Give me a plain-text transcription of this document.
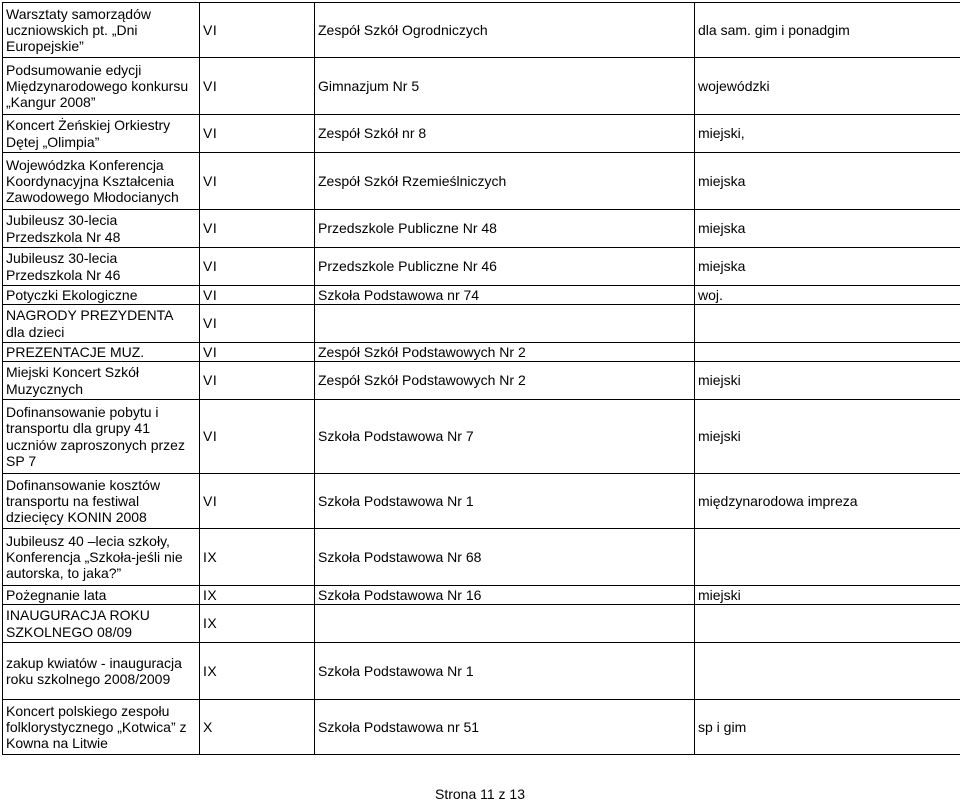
Warsztaty samorządów
uczniowskich pt. „Dni
Europejskie”	VI	Zespół Szkół Ogrodniczych	dla sam. gim i ponadgim
Podsumowanie edycji
Międzynarodowego konkursu
„Kangur 2008”	VI	Gimnazjum Nr 5	wojewódzki
Koncert Żeńskiej Orkiestry
Dętej „Olimpia”	VI	Zespół Szkół nr 8	miejski,
Wojewódzka Konferencja
Koordynacyjna Kształcenia
Zawodowego Młodocianych	VI	Zespół Szkół Rzemieślniczych	miejska
Jubileusz 30-lecia
Przedszkola Nr 48	VI	Przedszkole Publiczne Nr 48	miejska
Jubileusz 30-lecia
Przedszkola Nr 46	VI	Przedszkole Publiczne Nr 46	miejska
Potyczki Ekologiczne	VI	Szkoła Podstawowa nr 74	woj.
NAGRODY PREZYDENTA
dla dzieci	VI		
PREZENTACJE MUZ.	VI	Zespół Szkół Podstawowych Nr 2	
Miejski Koncert Szkół
Muzycznych	VI	Zespół Szkół Podstawowych Nr 2	miejski
Dofinansowanie pobytu i
transportu dla grupy 41
uczniów zaproszonych przez
SP 7	VI	Szkoła Podstawowa Nr 7	miejski
Dofinansowanie kosztów
transportu na festiwal
dziecięcy KONIN 2008	VI	Szkoła Podstawowa Nr 1	międzynarodowa impreza
Jubileusz 40 –lecia szkoły,
Konferencja „Szkoła-jeśli nie
autorska, to jaka?”	IX	Szkoła Podstawowa Nr 68	
Pożegnanie lata	IX	Szkoła Podstawowa Nr 16	miejski
INAUGURACJA ROKU
SZKOLNEGO 08/09	IX		
zakup kwiatów - inauguracja
roku szkolnego 2008/2009	IX	Szkoła Podstawowa Nr 1	
Koncert polskiego zespołu
folklorystycznego „Kotwica” z
Kowna na Litwie	X	Szkoła Podstawowa nr 51	sp i gim
Strona 11 z 13
